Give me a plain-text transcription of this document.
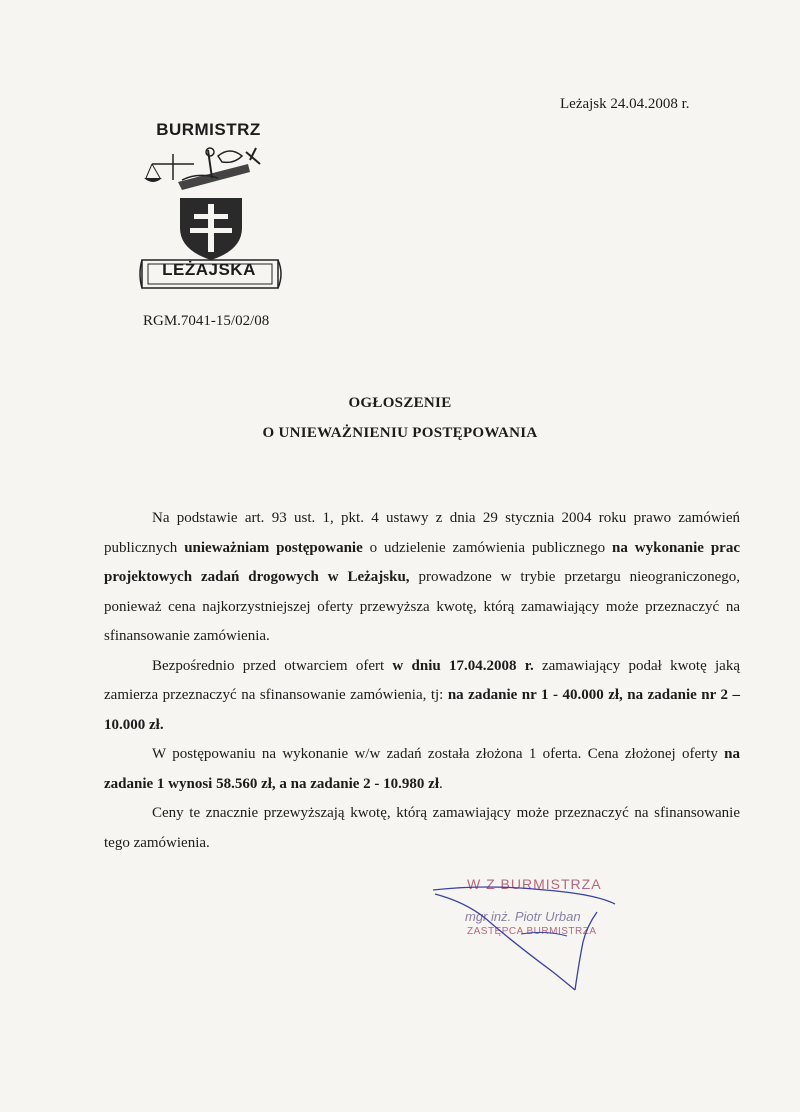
Leżajsk 24.04.2008 r.
BURMISTRZ
LEŻAJSKA
RGM.7041-15/02/08
OGŁOSZENIE
O UNIEWAŻNIENIU POSTĘPOWANIA

Na podstawie art. 93 ust. 1, pkt. 4 ustawy z dnia 29 stycznia 2004 roku prawo zamówień publicznych unieważniam postępowanie o udzielenie zamówienia publicznego na wykonanie prac projektowych zadań drogowych w Leżajsku, prowadzone w trybie przetargu nieograniczonego, ponieważ cena najkorzystniejszej oferty przewyższa kwotę, którą zamawiający może przeznaczyć na sfinansowanie zamówienia.

Bezpośrednio przed otwarciem ofert w dniu 17.04.2008 r. zamawiający podał kwotę jaką zamierza przeznaczyć na sfinansowanie zamówienia, tj: na zadanie nr 1 - 40.000 zł, na zadanie nr 2 – 10.000 zł.

W postępowaniu na wykonanie w/w zadań została złożona 1 oferta. Cena złożonej oferty na zadanie 1 wynosi 58.560 zł, a na zadanie 2 - 10.980 zł.

Ceny te znacznie przewyższają kwotę, którą zamawiający może przeznaczyć na sfinansowanie tego zamówienia.

W Z BURMISTRZA
mgr inż. Piotr Urban
ZASTĘPCA BURMISTRZA
